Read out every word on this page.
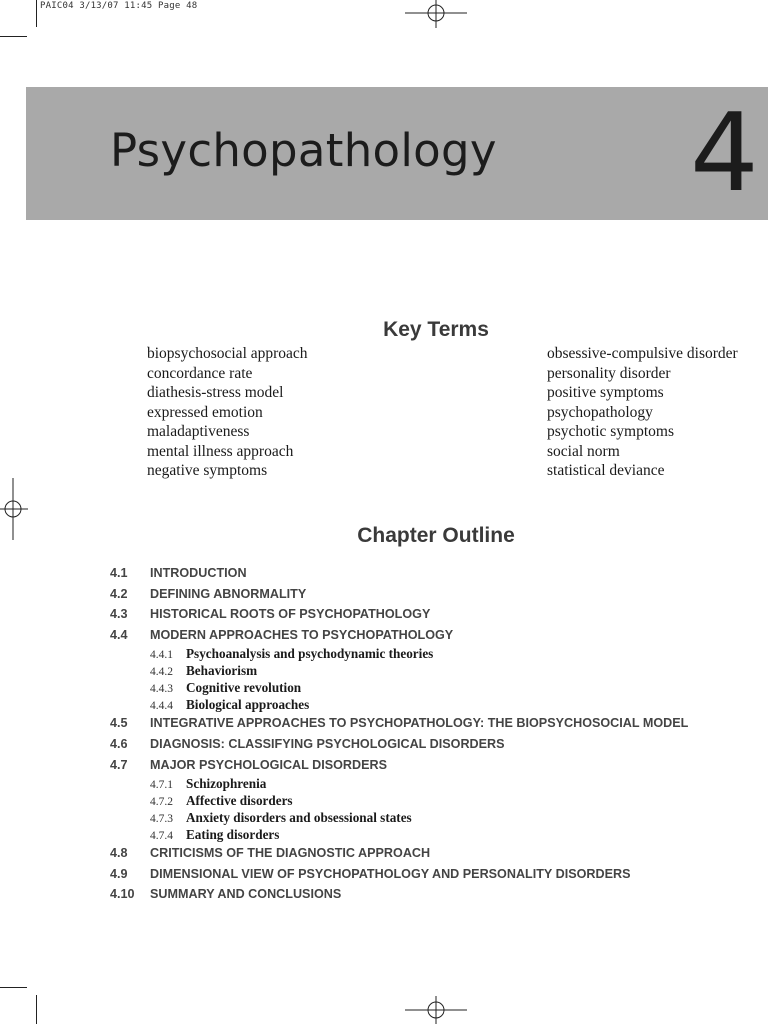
PAIC04 3/13/07 11:45 Page 48
Psychopathology 4
Key Terms
biopsychosocial approach
concordance rate
diathesis-stress model
expressed emotion
maladaptiveness
mental illness approach
negative symptoms
obsessive-compulsive disorder
personality disorder
positive symptoms
psychopathology
psychotic symptoms
social norm
statistical deviance
Chapter Outline
4.1	INTRODUCTION
4.2	DEFINING ABNORMALITY
4.3	HISTORICAL ROOTS OF PSYCHOPATHOLOGY
4.4	MODERN APPROACHES TO PSYCHOPATHOLOGY
4.4.1 Psychoanalysis and psychodynamic theories
4.4.2 Behaviorism
4.4.3 Cognitive revolution
4.4.4 Biological approaches
4.5	INTEGRATIVE APPROACHES TO PSYCHOPATHOLOGY: THE BIOPSYCHOSOCIAL MODEL
4.6	DIAGNOSIS: CLASSIFYING PSYCHOLOGICAL DISORDERS
4.7	MAJOR PSYCHOLOGICAL DISORDERS
4.7.1 Schizophrenia
4.7.2 Affective disorders
4.7.3 Anxiety disorders and obsessional states
4.7.4 Eating disorders
4.8	CRITICISMS OF THE DIAGNOSTIC APPROACH
4.9	DIMENSIONAL VIEW OF PSYCHOPATHOLOGY AND PERSONALITY DISORDERS
4.10	SUMMARY AND CONCLUSIONS
